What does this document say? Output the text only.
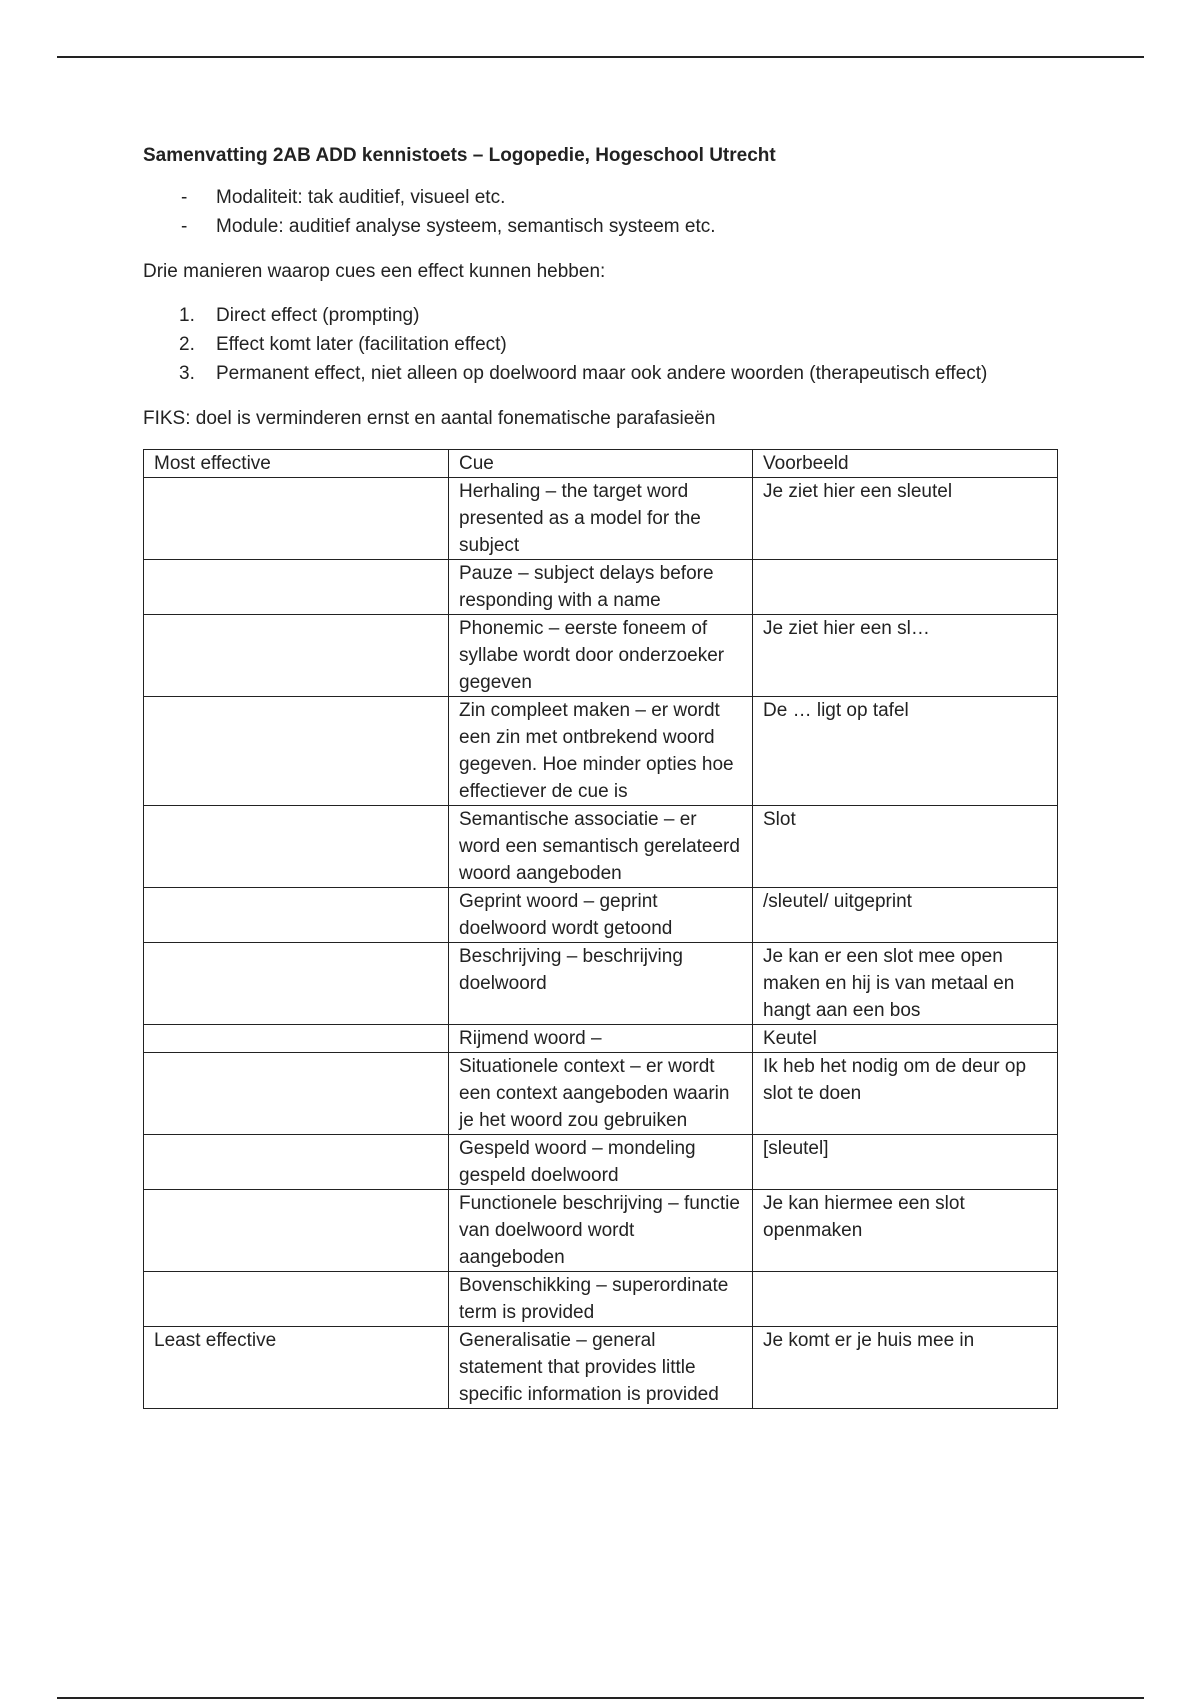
Samenvatting 2AB ADD kennistoets – Logopedie, Hogeschool Utrecht
- Modaliteit: tak auditief, visueel etc.
- Module: auditief analyse systeem, semantisch systeem etc.

Drie manieren waarop cues een effect kunnen hebben:

1. Direct effect (prompting)
2. Effect komt later (facilitation effect)
3. Permanent effect, niet alleen op doelwoord maar ook andere woorden (therapeutisch effect)

FIKS: doel is verminderen ernst en aantal fonematische parafasieën

Most effective	Cue	Voorbeeld
	Herhaling – the target word presented as a model for the subject	Je ziet hier een sleutel
	Pauze – subject delays before responding with a name	
	Phonemic – eerste foneem of syllabe wordt door onderzoeker gegeven	Je ziet hier een sl…
	Zin compleet maken – er wordt een zin met ontbrekend woord gegeven. Hoe minder opties hoe effectiever de cue is	De … ligt op tafel
	Semantische associatie – er word een semantisch gerelateerd woord aangeboden	Slot
	Geprint woord – geprint doelwoord wordt getoond	/sleutel/ uitgeprint
	Beschrijving – beschrijving doelwoord	Je kan er een slot mee open maken en hij is van metaal en hangt aan een bos
	Rijmend woord –	Keutel
	Situationele context – er wordt een context aangeboden waarin je het woord zou gebruiken	Ik heb het nodig om de deur op slot te doen
	Gespeld woord – mondeling gespeld doelwoord	[sleutel]
	Functionele beschrijving – functie van doelwoord wordt aangeboden	Je kan hiermee een slot openmaken
	Bovenschikking – superordinate term is provided	
Least effective	Generalisatie – general statement that provides little specific information is provided	Je komt er je huis mee in
